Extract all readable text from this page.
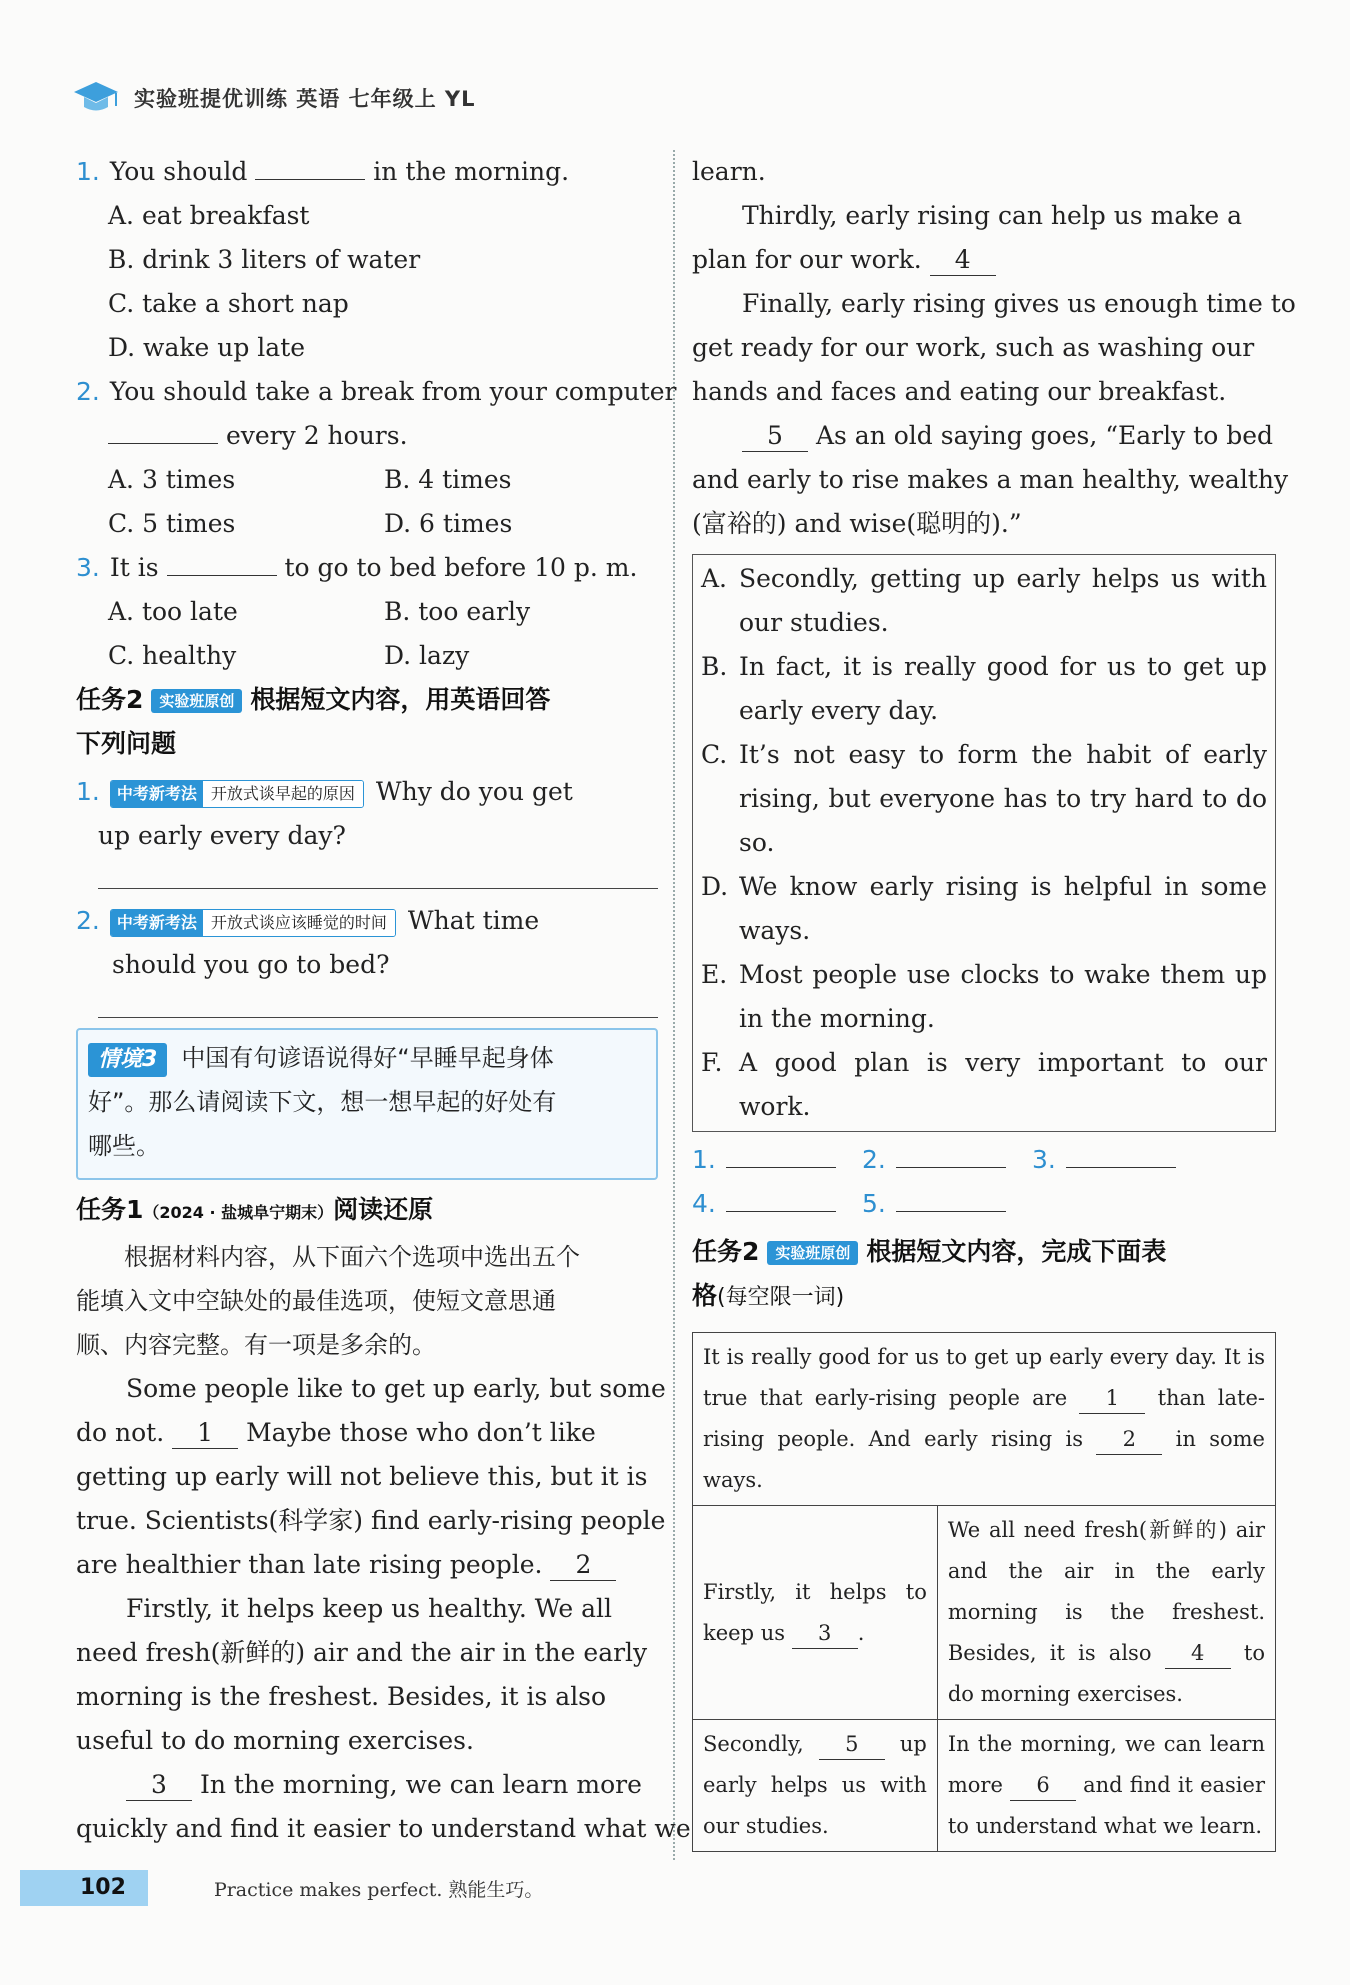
实验班提优训练 英语 七年级上 YL
1. You should	in the morning.
A. eat breakfast
B. drink 3 liters of water
C. take a short nap
D. wake up late
2. You should take a break from your computer
every 2 hours.
A. 3 times	B. 4 times
C. 5 times	D. 6 times
3. It is	to go to bed before 10 p. m.
A. too late	B. too early
C. healthy	D. lazy
任务2 实验班原创 根据短文内容，用英语回答
下列问题
1.	中考新考法 开放式谈早起的原因 Why do you get
up early every day?
2.	中考新考法 开放式谈应该睡觉的时间 What time
should you go to bed?
情境3 中国有句谚语说得好“早睡早起身体
好”。那么请阅读下文，想一想早起的好处有
哪些。
任务1（2024 · 盐城阜宁期末）阅读还原
根据材料内容，从下面六个选项中选出五个
能填入文中空缺处的最佳选项，使短文意思通
顺、内容完整。有一项是多余的。
Some people like to get up early, but some
do not. 1 Maybe those who don’t like
getting up early will not believe this, but it is
true. Scientists(科学家) find early-rising people
are healthier than late rising people. 2
Firstly, it helps keep us healthy. We all
need fresh(新鲜的) air and the air in the early
morning is the freshest. Besides, it is also
useful to do morning exercises.
3 In the morning, we can learn more
quickly and find it easier to understand what we
learn.
Thirdly, early rising can help us make a
plan for our work. 4
Finally, early rising gives us enough time to
get ready for our work, such as washing our
hands and faces and eating our breakfast.
5 As an old saying goes, “Early to bed
and early to rise makes a man healthy, wealthy
(富裕的) and wise(聪明的).”
A. Secondly, getting up early helps us with our studies.
B. In fact, it is really good for us to get up early every day.
C. It’s not easy to form the habit of early rising, but everyone has to try hard to do so.
D. We know early rising is helpful in some ways.
E. Most people use clocks to wake them up in the morning.
F. A good plan is very important to our work.
1.	2.	3.
4.	5.
任务2 实验班原创 根据短文内容，完成下面表
格(每空限一词)
It is really good for us to get up early every day. It is true that early-rising people are 1 than late-rising people. And early rising is 2 in some ways.	
Firstly, it helps to keep us 3 .	We all need fresh(新鲜的) air and the air in the early morning is the freshest. Besides, it is also 4 to do morning exercises.
Secondly, 5 up early helps us with our studies.	In the morning, we can learn more 6 and find it easier to understand what we learn.
102	Practice makes perfect. 熟能生巧。
